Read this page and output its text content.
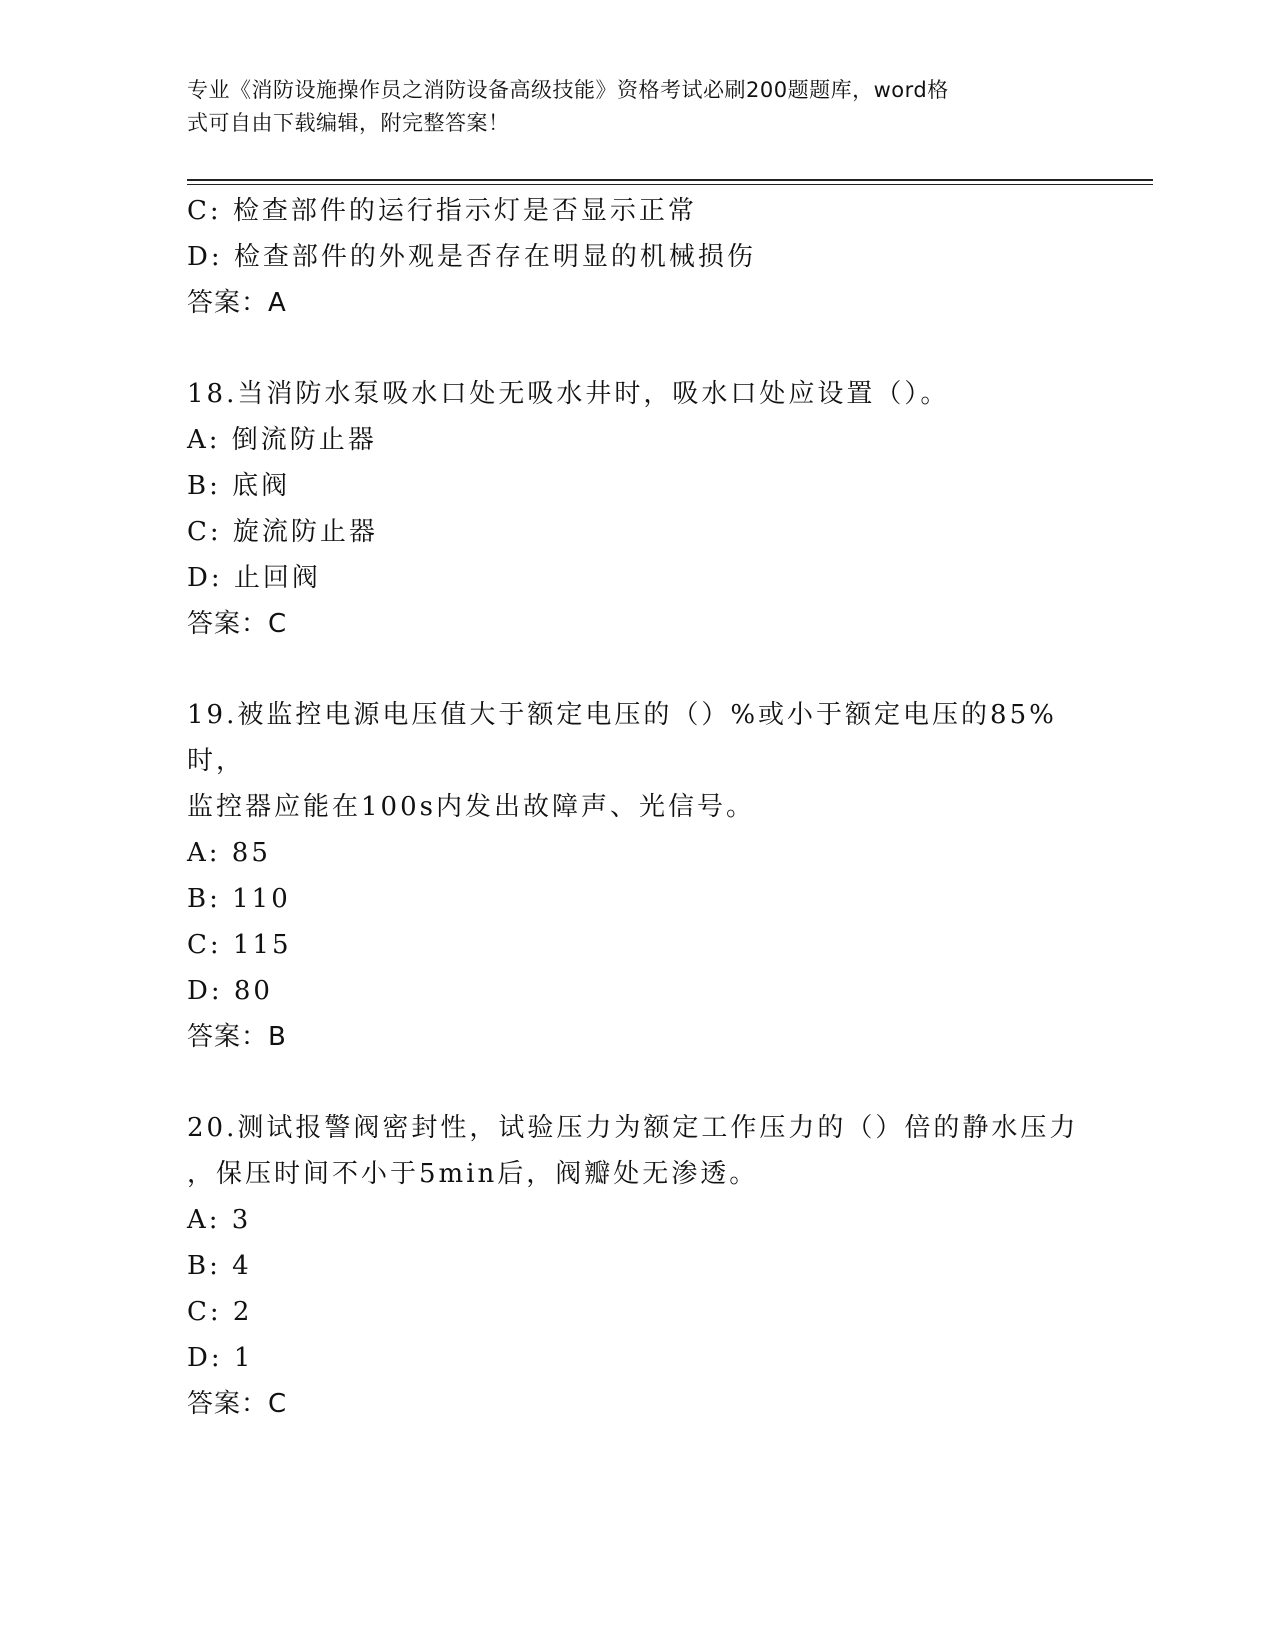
专业《消防设施操作员之消防设备高级技能》资格考试必刷200题题库，word格
式可自由下载编辑，附完整答案！
C: 检查部件的运行指示灯是否显示正常
D: 检查部件的外观是否存在明显的机械损伤
答案：A
18.当消防水泵吸水口处无吸水井时，吸水口处应设置（）。
A: 倒流防止器
B: 底阀
C: 旋流防止器
D: 止回阀
答案：C
19.被监控电源电压值大于额定电压的（）%或小于额定电压的85%时，
监控器应能在100s内发出故障声、光信号。
A: 85
B: 110
C: 115
D: 80
答案：B
20.测试报警阀密封性，试验压力为额定工作压力的（）倍的静水压力
，保压时间不小于5min后，阀瓣处无渗透。
A: 3
B: 4
C: 2
D: 1
答案：C
